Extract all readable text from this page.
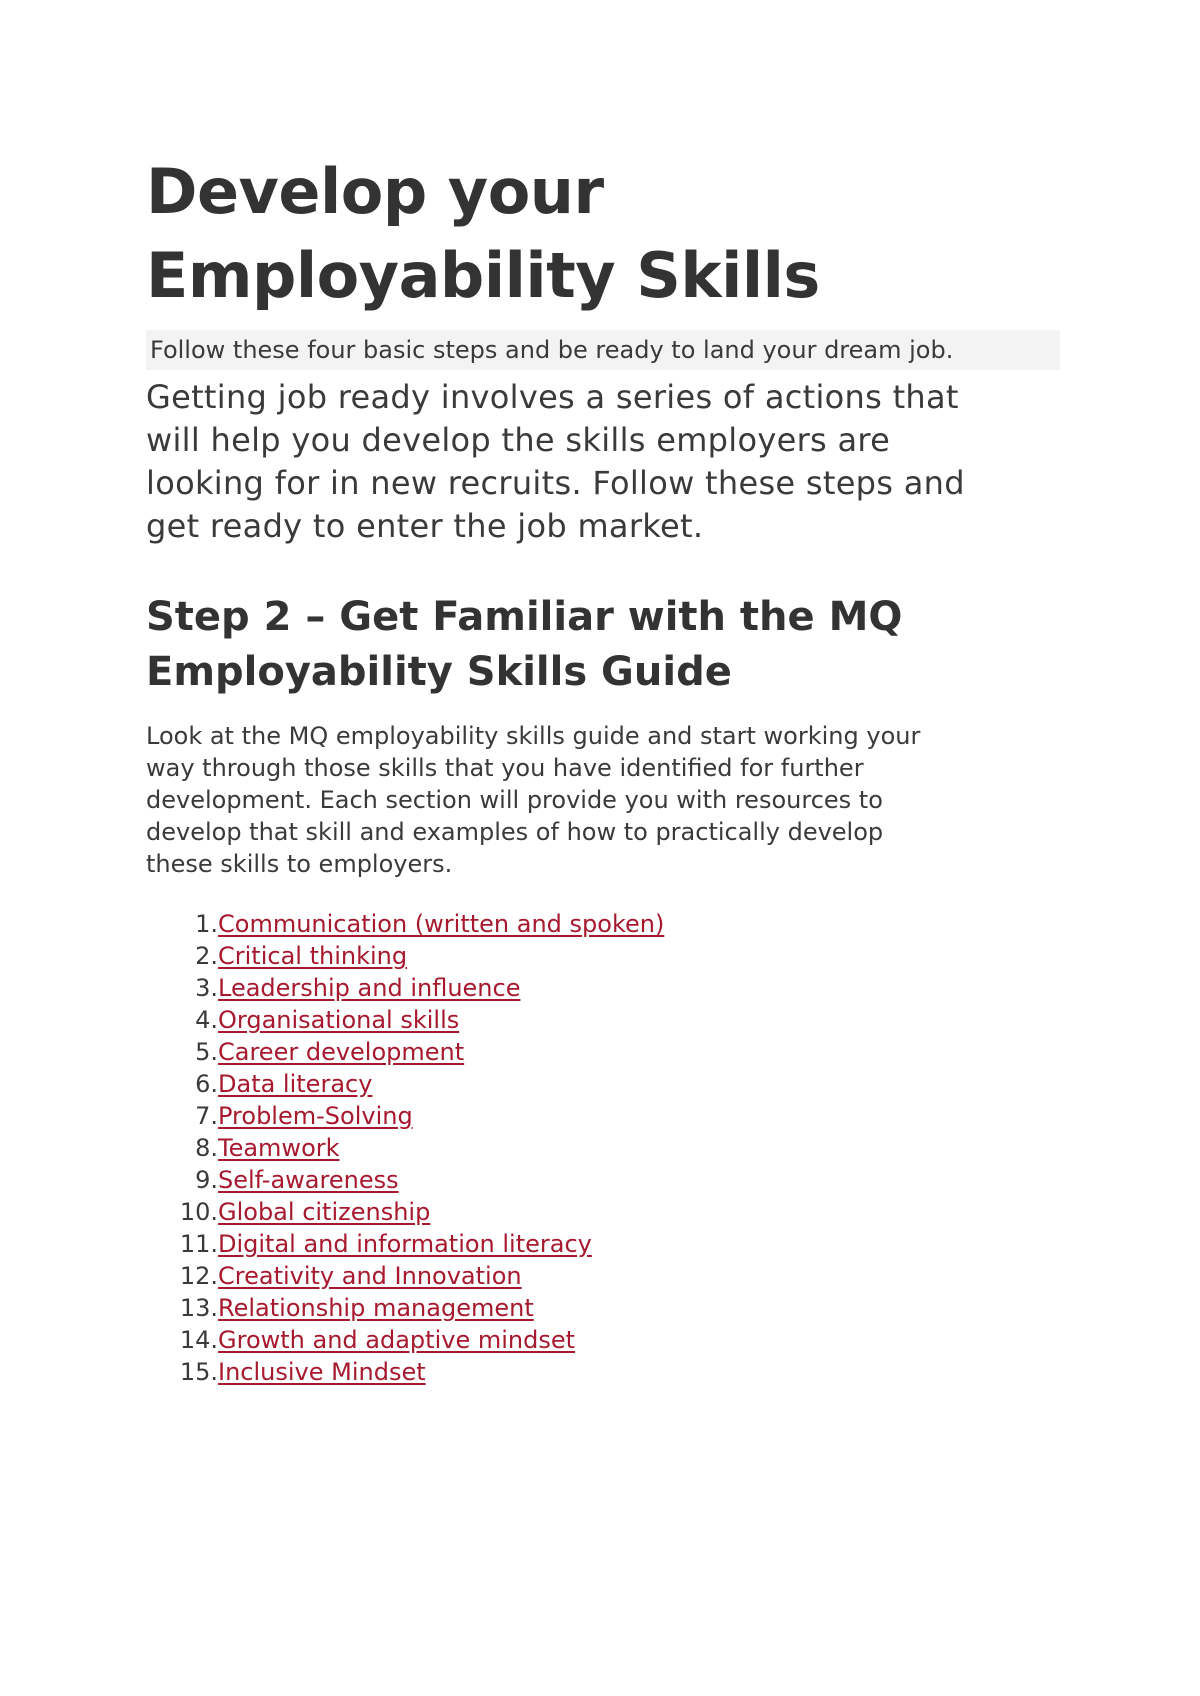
Develop your
Employability Skills
Follow these four basic steps and be ready to land your dream job.

Getting job ready involves a series of actions that
will help you develop the skills employers are
looking for in new recruits. Follow these steps and
get ready to enter the job market.

Step 2 – Get Familiar with the MQ
Employability Skills Guide

Look at the MQ employability skills guide and start working your
way through those skills that you have identified for further
development. Each section will provide you with resources to
develop that skill and examples of how to practically develop
these skills to employers.

1. Communication (written and spoken)
2. Critical thinking
3. Leadership and influence
4. Organisational skills
5. Career development
6. Data literacy
7. Problem-Solving
8. Teamwork
9. Self-awareness
10. Global citizenship
11. Digital and information literacy
12. Creativity and Innovation
13. Relationship management
14. Growth and adaptive mindset
15. Inclusive Mindset
